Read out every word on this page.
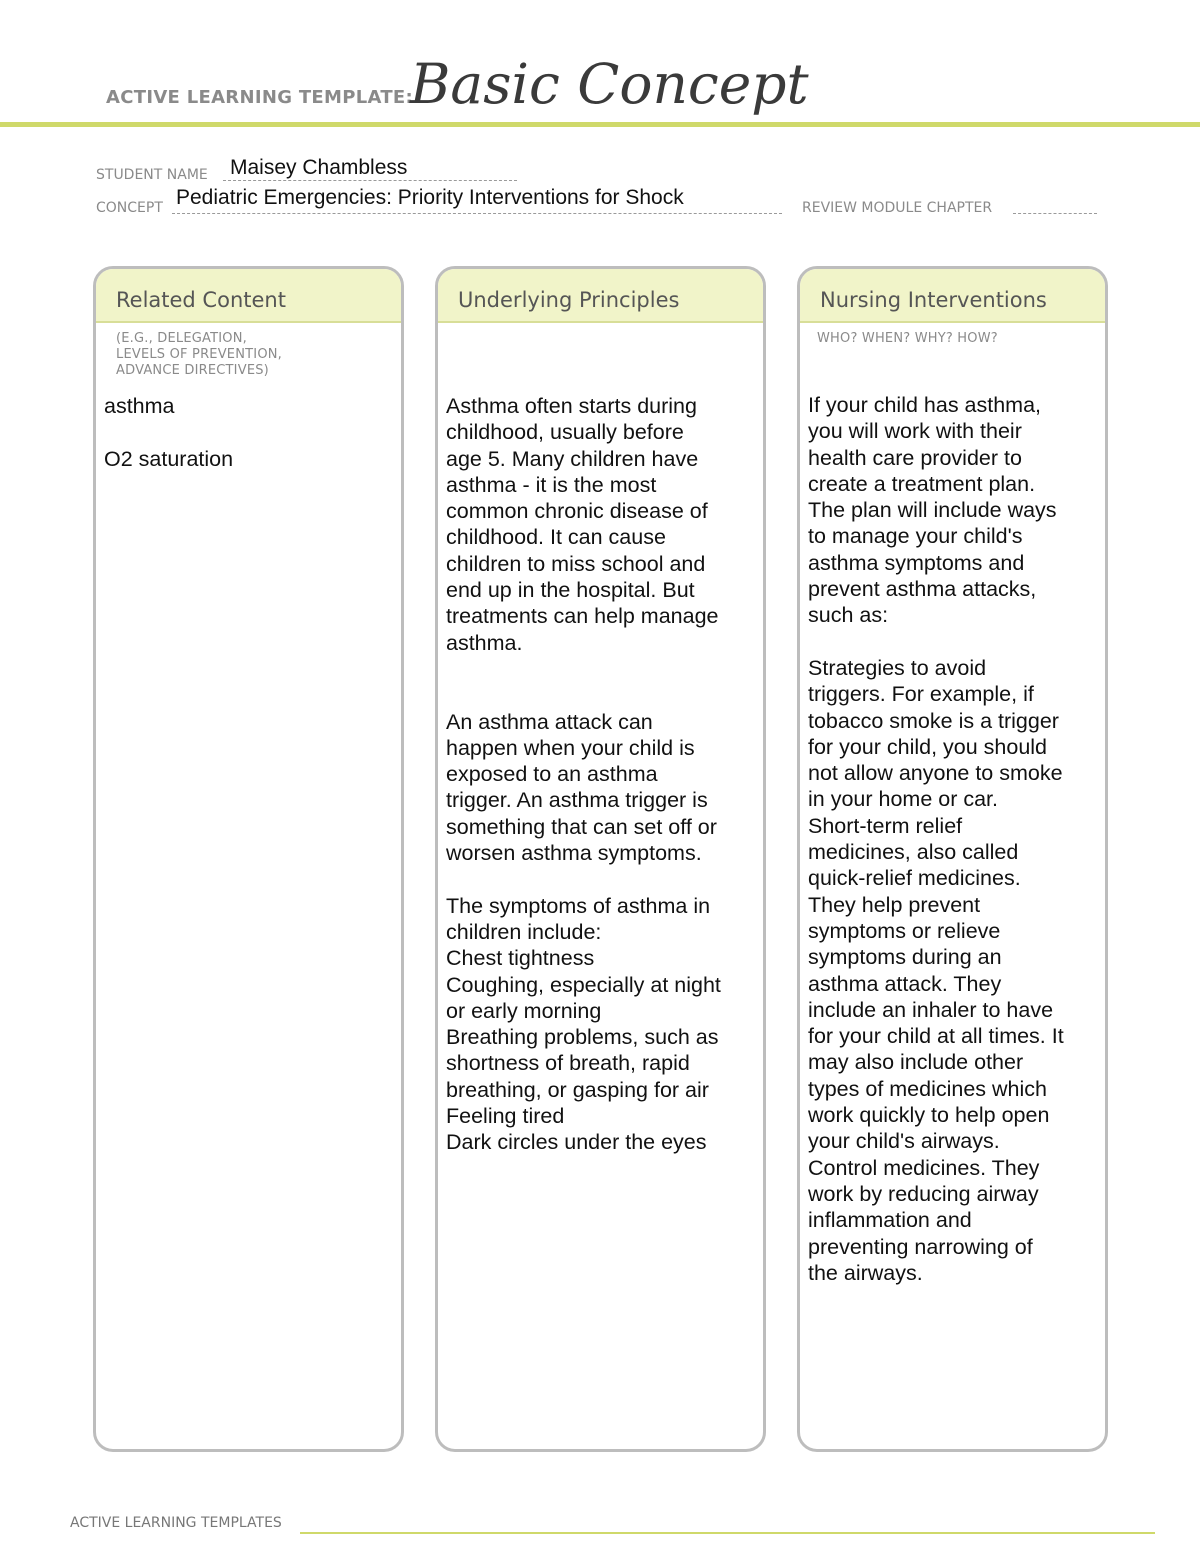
ACTIVE LEARNING TEMPLATE:
Basic Concept
STUDENT NAME Maisey Chambless
CONCEPT Pediatric Emergencies: Priority Interventions for Shock	REVIEW MODULE CHAPTER
Related Content
(E.G., DELEGATION,
LEVELS OF PREVENTION,
ADVANCE DIRECTIVES)
asthma

O2 saturation
Underlying Principles
Asthma often starts during
childhood, usually before
age 5. Many children have
asthma - it is the most
common chronic disease of
childhood. It can cause
children to miss school and
end up in the hospital. But
treatments can help manage
asthma.

An asthma attack can
happen when your child is
exposed to an asthma
trigger. An asthma trigger is
something that can set off or
worsen asthma symptoms.

The symptoms of asthma in
children include:
Chest tightness
Coughing, especially at night
or early morning
Breathing problems, such as
shortness of breath, rapid
breathing, or gasping for air
Feeling tired
Dark circles under the eyes
Nursing Interventions
WHO? WHEN? WHY? HOW?
If your child has asthma,
you will work with their
health care provider to
create a treatment plan.
The plan will include ways
to manage your child's
asthma symptoms and
prevent asthma attacks,
such as:

Strategies to avoid
triggers. For example, if
tobacco smoke is a trigger
for your child, you should
not allow anyone to smoke
in your home or car.
Short-term relief
medicines, also called
quick-relief medicines.
They help prevent
symptoms or relieve
symptoms during an
asthma attack. They
include an inhaler to have
for your child at all times. It
may also include other
types of medicines which
work quickly to help open
your child's airways.
Control medicines. They
work by reducing airway
inflammation and
preventing narrowing of
the airways.
ACTIVE LEARNING TEMPLATES
